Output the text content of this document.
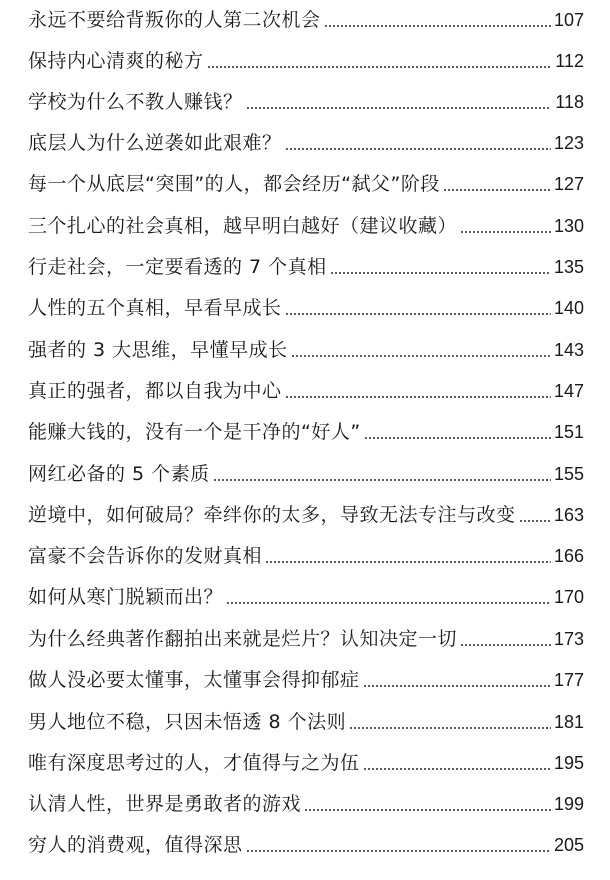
永远不要给背叛你的人第二次机会	107
保持内心清爽的秘方	112
学校为什么不教人赚钱？	118
底层人为什么逆袭如此艰难？	123
每一个从底层“突围”的人，都会经历“弑父”阶段	127
三个扎心的社会真相，越早明白越好（建议收藏）	130
行走社会，一定要看透的 7 个真相	135
人性的五个真相，早看早成长	140
强者的 3 大思维，早懂早成长	143
真正的强者，都以自我为中心	147
能赚大钱的，没有一个是干净的“好人”	151
网红必备的 5 个素质	155
逆境中，如何破局？牵绊你的太多，导致无法专注与改变 163
富豪不会告诉你的发财真相	166
如何从寒门脱颖而出？	170
为什么经典著作翻拍出来就是烂片？认知决定一切	173
做人没必要太懂事，太懂事会得抑郁症	177
男人地位不稳，只因未悟透 8 个法则	181
唯有深度思考过的人，才值得与之为伍	195
认清人性，世界是勇敢者的游戏	199
穷人的消费观，值得深思	205
